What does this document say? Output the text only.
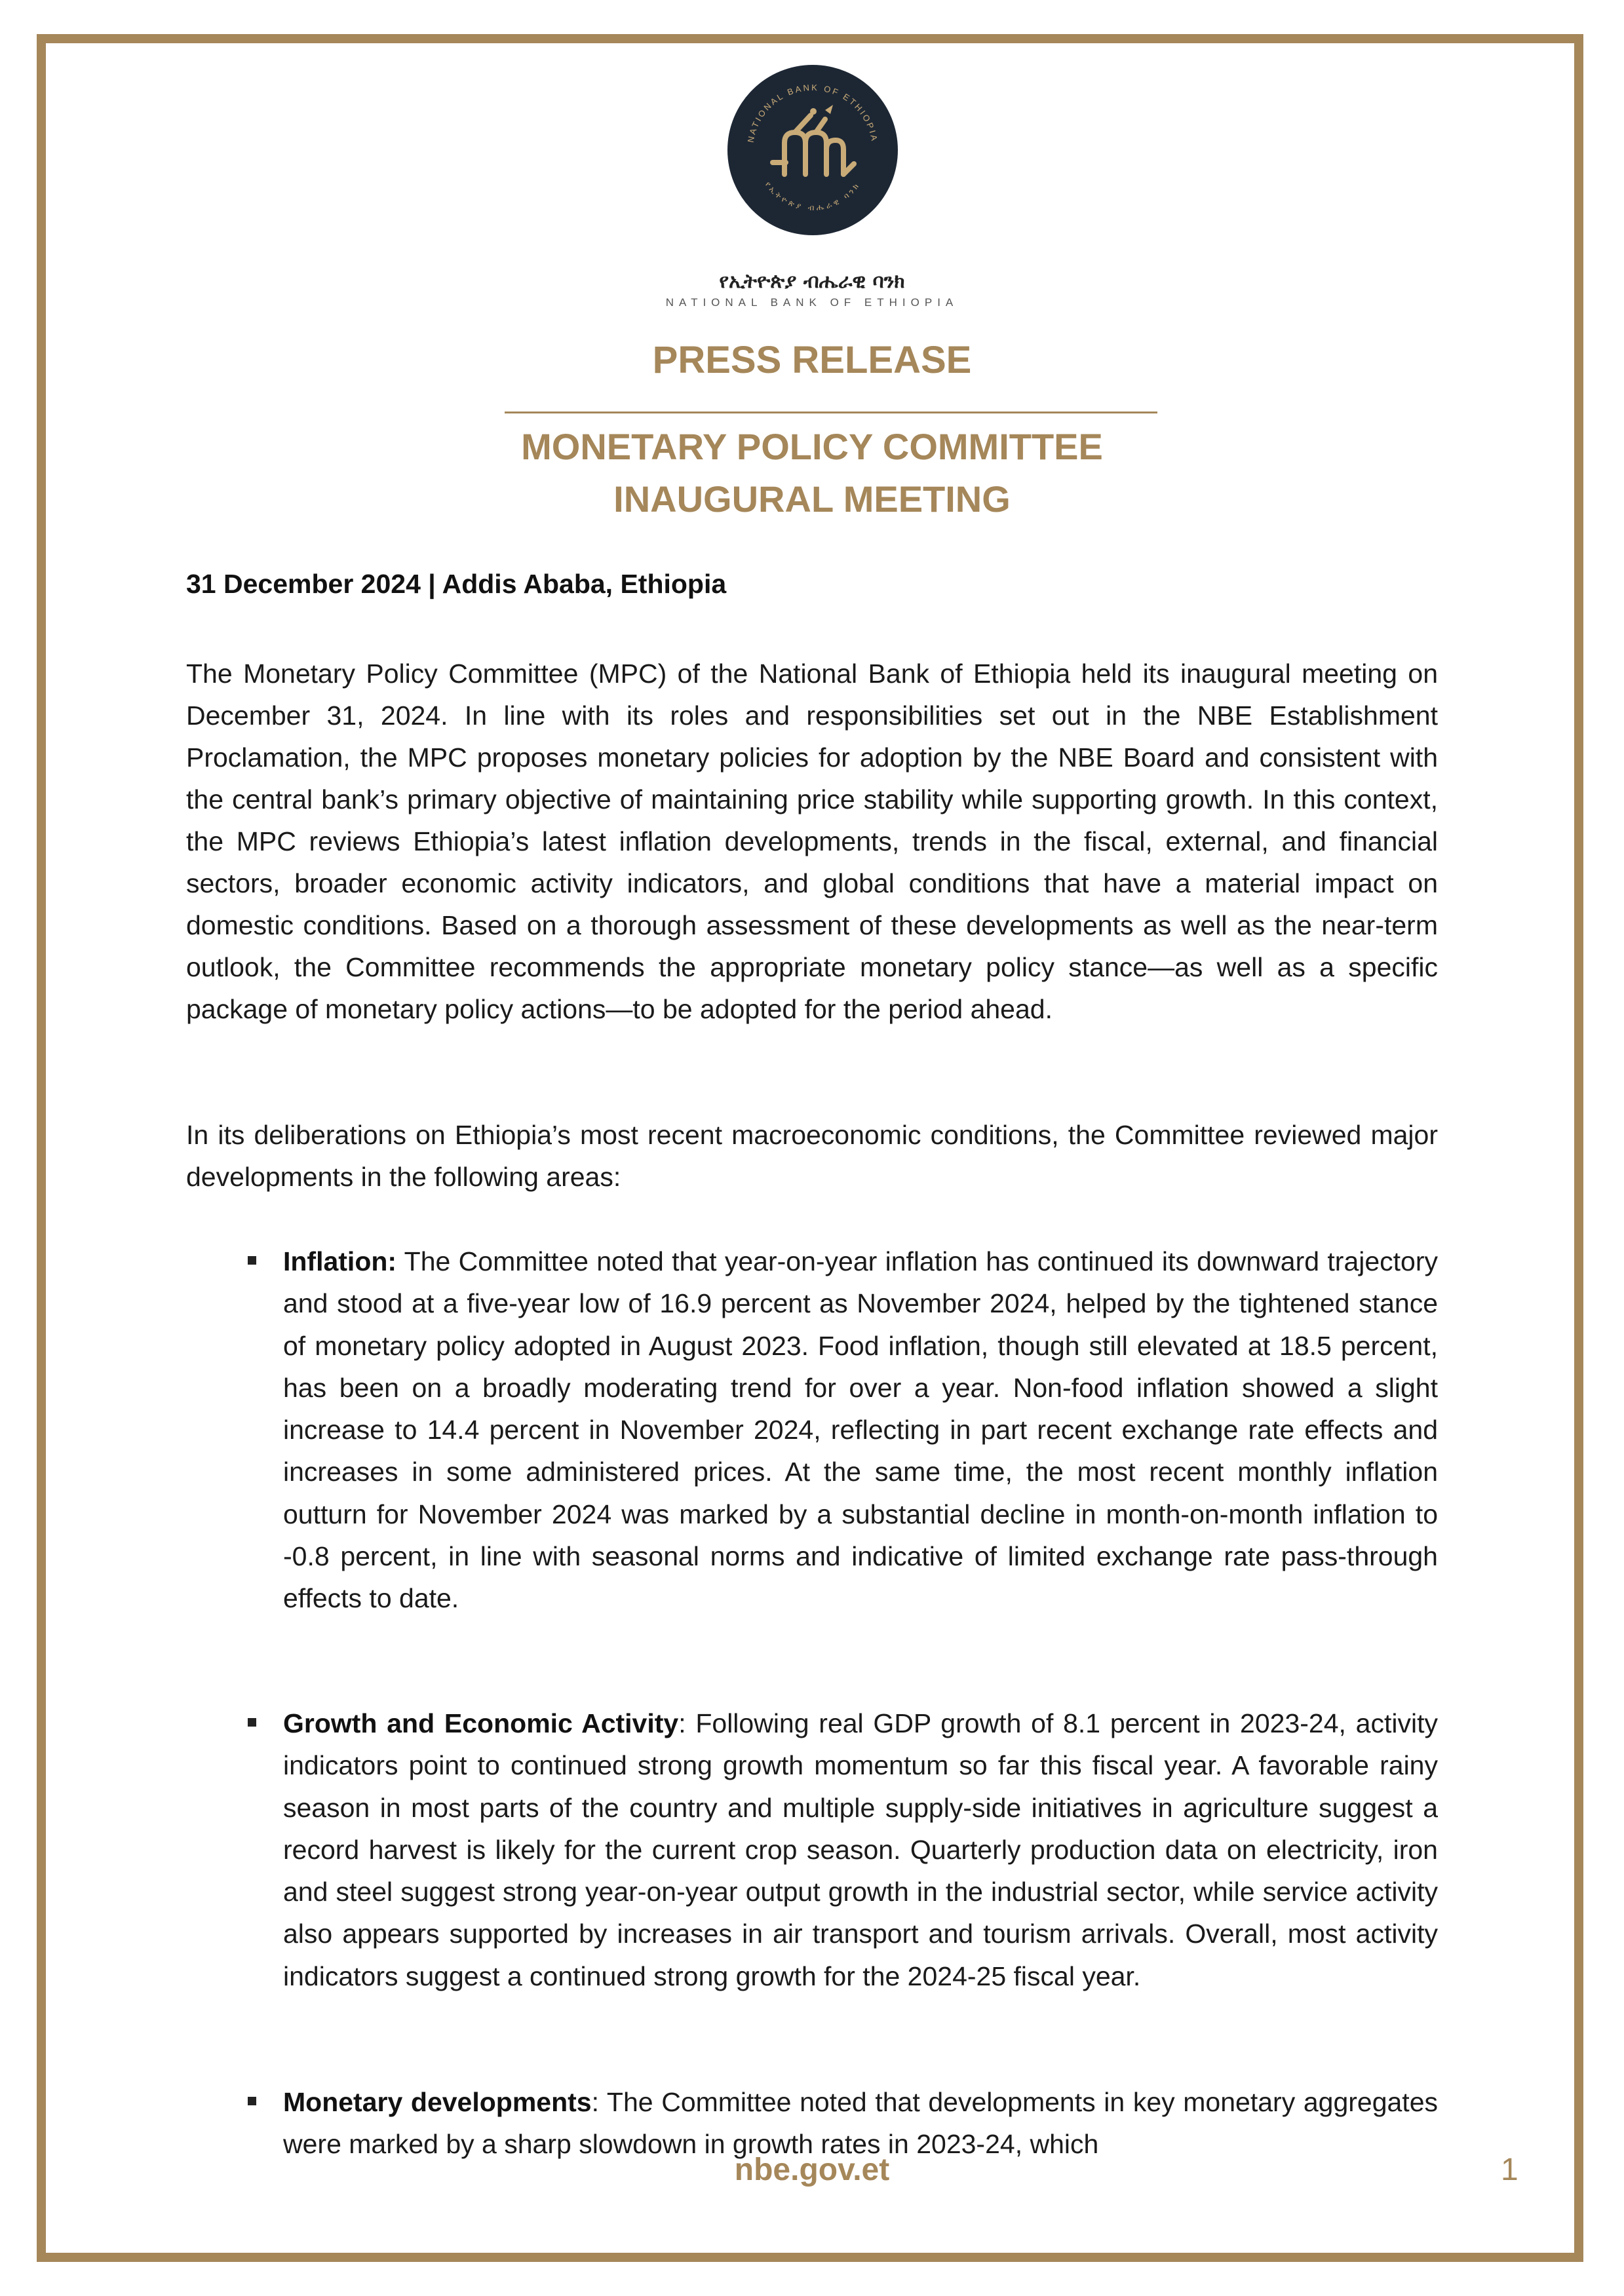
NATIONAL BANK OF ETHIOPIA
የኢትዮጵያ ብሔራዊ ባንክ
የኢትዮጵያ ብሔራዊ ባንክ
NATIONAL BANK OF ETHIOPIA
PRESS RELEASE
MONETARY POLICY COMMITTEE
INAUGURAL MEETING
31 December 2024 | Addis Ababa, Ethiopia

The Monetary Policy Committee (MPC) of the National Bank of Ethiopia held its inaugural meeting on December 31, 2024. In line with its roles and responsibilities set out in the NBE Establishment Proclamation, the MPC proposes monetary policies for adoption by the NBE Board and consistent with the central bank’s primary objective of maintaining price stability while supporting growth. In this context, the MPC reviews Ethiopia’s latest inflation developments, trends in the fiscal, external, and financial sectors, broader economic activity indicators, and global conditions that have a material impact on domestic conditions. Based on a thorough assessment of these developments as well as the near-term outlook, the Committee recommends the appropriate monetary policy stance—as well as a specific package of monetary policy actions—to be adopted for the period ahead.

In its deliberations on Ethiopia’s most recent macroeconomic conditions, the Committee reviewed major developments in the following areas:

Inflation: The Committee noted that year-on-year inflation has continued its downward trajectory and stood at a five-year low of 16.9 percent as November 2024, helped by the tightened stance of monetary policy adopted in August 2023. Food inflation, though still elevated at 18.5 percent, has been on a broadly moderating trend for over a year. Non-food inflation showed a slight increase to 14.4 percent in November 2024, reflecting in part recent exchange rate effects and increases in some administered prices. At the same time, the most recent monthly inflation outturn for November 2024 was marked by a substantial decline in month-on-month inflation to -0.8 percent, in line with seasonal norms and indicative of limited exchange rate pass-through effects to date.
Growth and Economic Activity: Following real GDP growth of 8.1 percent in 2023-24, activity indicators point to continued strong growth momentum so far this fiscal year. A favorable rainy season in most parts of the country and multiple supply-side initiatives in agriculture suggest a record harvest is likely for the current crop season. Quarterly production data on electricity, iron and steel suggest strong year-on-year output growth in the industrial sector, while service activity also appears supported by increases in air transport and tourism arrivals. Overall, most activity indicators suggest a continued strong growth for the 2024-25 fiscal year.
Monetary developments: The Committee noted that developments in key monetary aggregates were marked by a sharp slowdown in growth rates in 2023-24, which
nbe.gov.et	1
